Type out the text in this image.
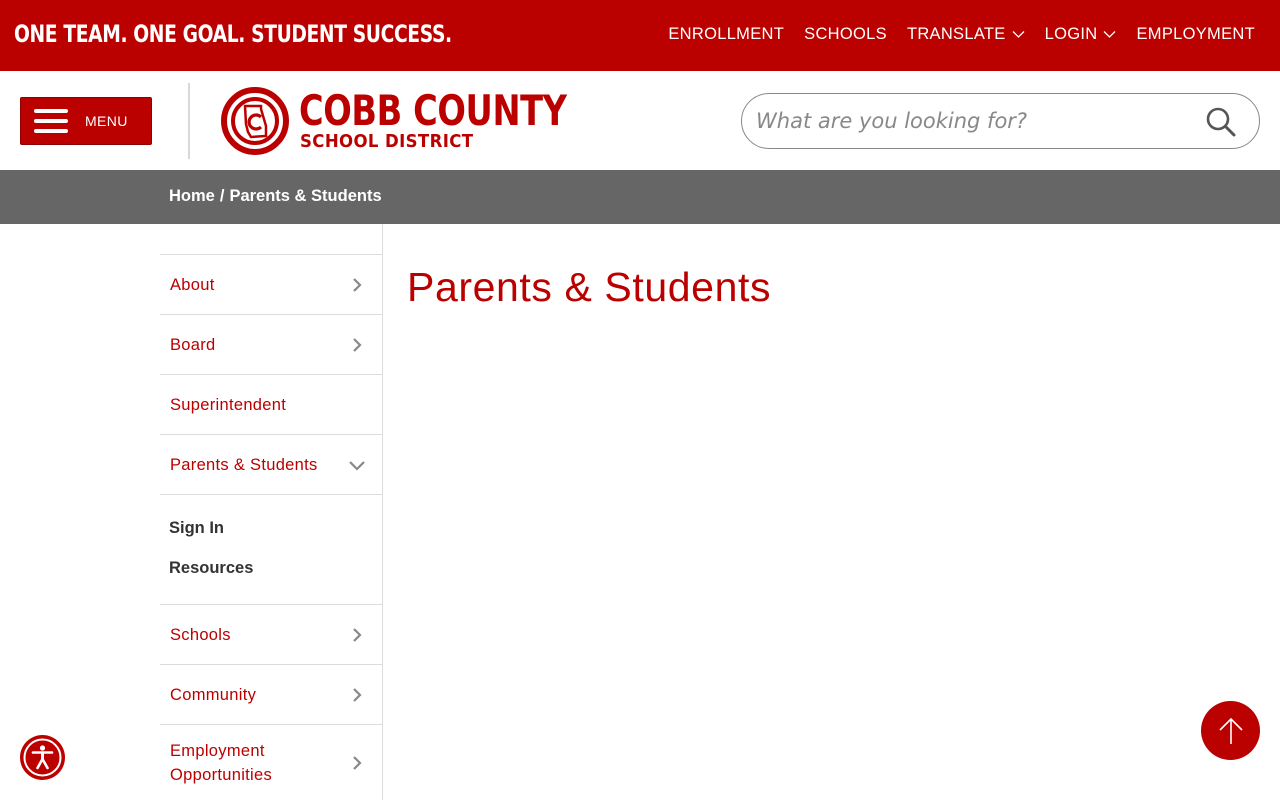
ONE TEAM. ONE GOAL. STUDENT SUCCESS.	ENROLLMENT SCHOOLS TRANSLATE LOGIN EMPLOYMENT
MENU	COBB COUNTY
SCHOOL DISTRICT
What are you looking for?
Home / Parents & Students
About
Board
Superintendent
Parents & Students
Sign In
Resources
Schools
Community
Employment Opportunities
Parents & Students
